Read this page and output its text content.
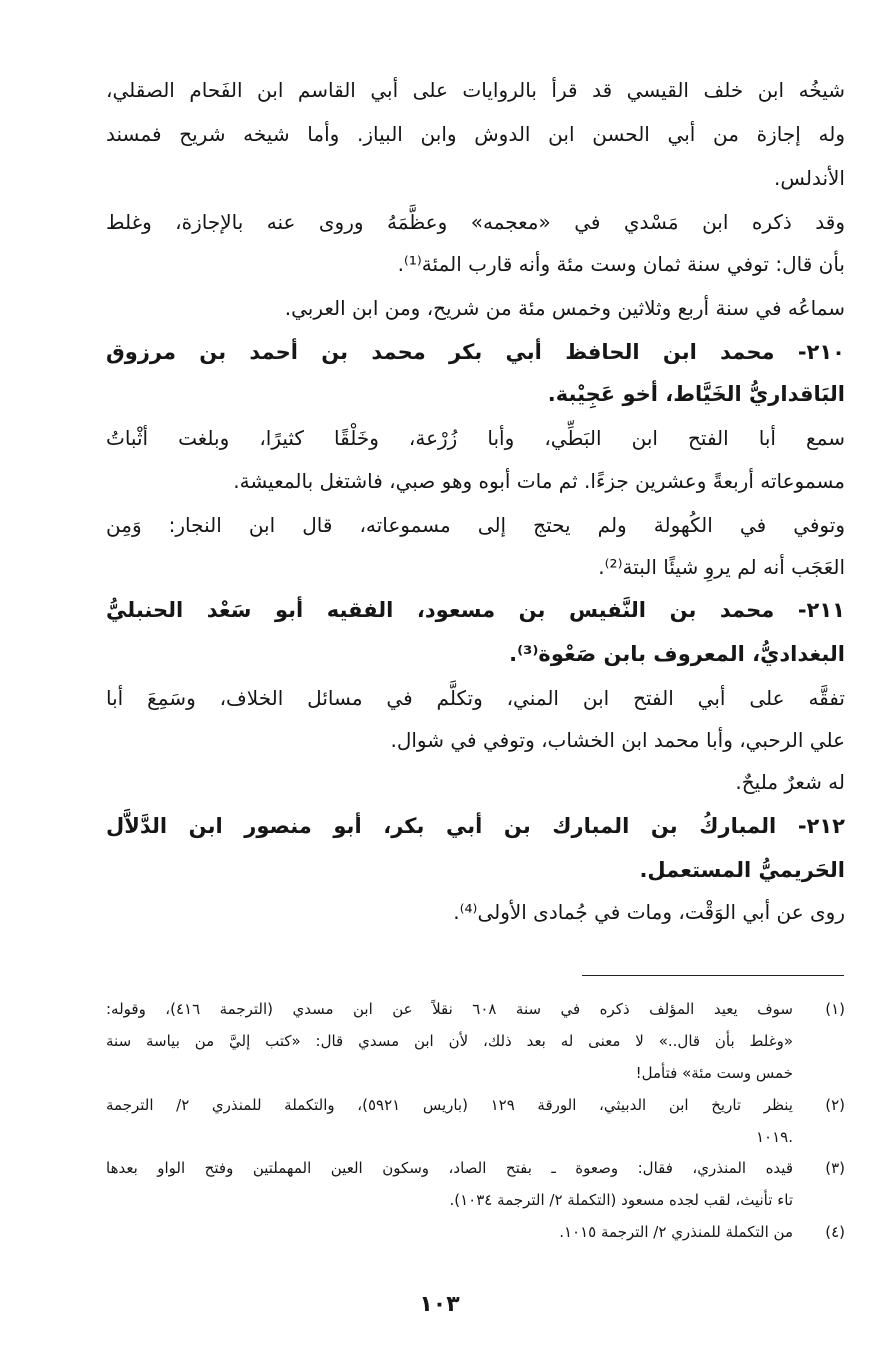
شيخُه ابن خلف القيسي قد قرأ بالروايات على أبي القاسم ابن الفَحام الصقلي،
وله إجازة من أبي الحسن ابن الدوش وابن البياز. وأما شيخه شريح فمسند
الأندلس.
وقد ذكره ابن مَسْدي في «معجمه» وعظَّمَهُ وروى عنه بالإجازة، وغلط
بأن قال: توفي سنة ثمان وست مئة وأنه قارب المئة⁽¹⁾.
سماعُه في سنة أربع وثلاثين وخمس مئة من شريح، ومن ابن العربي.
٢١٠- محمد ابن الحافظ أبي بكر محمد بن أحمد بن مرزوق
البَاقداريُّ الخَيَّاط، أخو عَجِيْبة.
سمع أبا الفتح ابن البَطِّي، وأبا زُرْعة، وخَلْقًا كثيرًا، وبلغت أثْباتُ
مسموعاته أربعةً وعشرين جزءًا. ثم مات أبوه وهو صبي، فاشتغل بالمعيشة.
وتوفي في الكُهولة ولم يحتج إلى مسموعاته، قال ابن النجار: وَمِن
العَجَب أنه لم يروِ شيئًا البتة⁽²⁾.
٢١١- محمد بن النَّفيس بن مسعود، الفقيه أبو سَعْد الحنبليُّ
البغداديُّ، المعروف بابن صَعْوة⁽³⁾.
تفقَّه على أبي الفتح ابن المني، وتكلَّم في مسائل الخلاف، وسَمِعَ أبا
علي الرحبي، وأبا محمد ابن الخشاب، وتوفي في شوال.
له شعرٌ مليحٌ.
٢١٢- المباركُ بن المبارك بن أبي بكر، أبو منصور ابن الدَّلاَّل
الحَريميُّ المستعمل.
روى عن أبي الوَقْت، ومات في جُمادى الأولى⁽⁴⁾.
(١)
سوف يعيد المؤلف ذكره في سنة ٦٠٨ نقلاً عن ابن مسدي (الترجمة ٤١٦)، وقوله:
«وغلط بأن قال..» لا معنى له بعد ذلك، لأن ابن مسدي قال: «كتب إليَّ من بياسة سنة
خمس وست مئة» فتأمل!
(٢)
ينظر تاريخ ابن الدبيثي، الورقة ١٢٩ (باريس ٥٩٢١)، والتكملة للمنذري ٢/ الترجمة
١٠١٩.
(٣)
قيده المنذري، فقال: وصعوة ـ بفتح الصاد، وسكون العين المهملتين وفتح الواو بعدها
تاء تأنيث، لقب لجده مسعود (التكملة ٢/ الترجمة ١٠٣٤).
(٤)
من التكملة للمنذري ٢/ الترجمة ١٠١٥.
١٠٣
